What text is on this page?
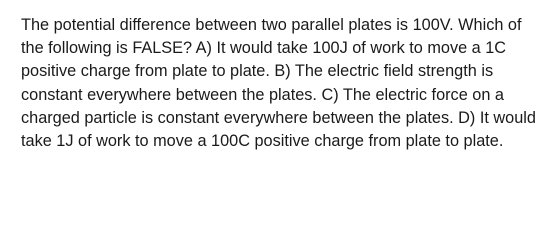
The potential difference between two parallel plates is 100V. Which of the following is FALSE? A) It would take 100J of work to move a 1C positive charge from plate to plate. B) The electric field strength is constant everywhere between the plates. C) The electric force on a charged particle is constant everywhere between the plates. D) It would take 1J of work to move a 100C positive charge from plate to plate.
